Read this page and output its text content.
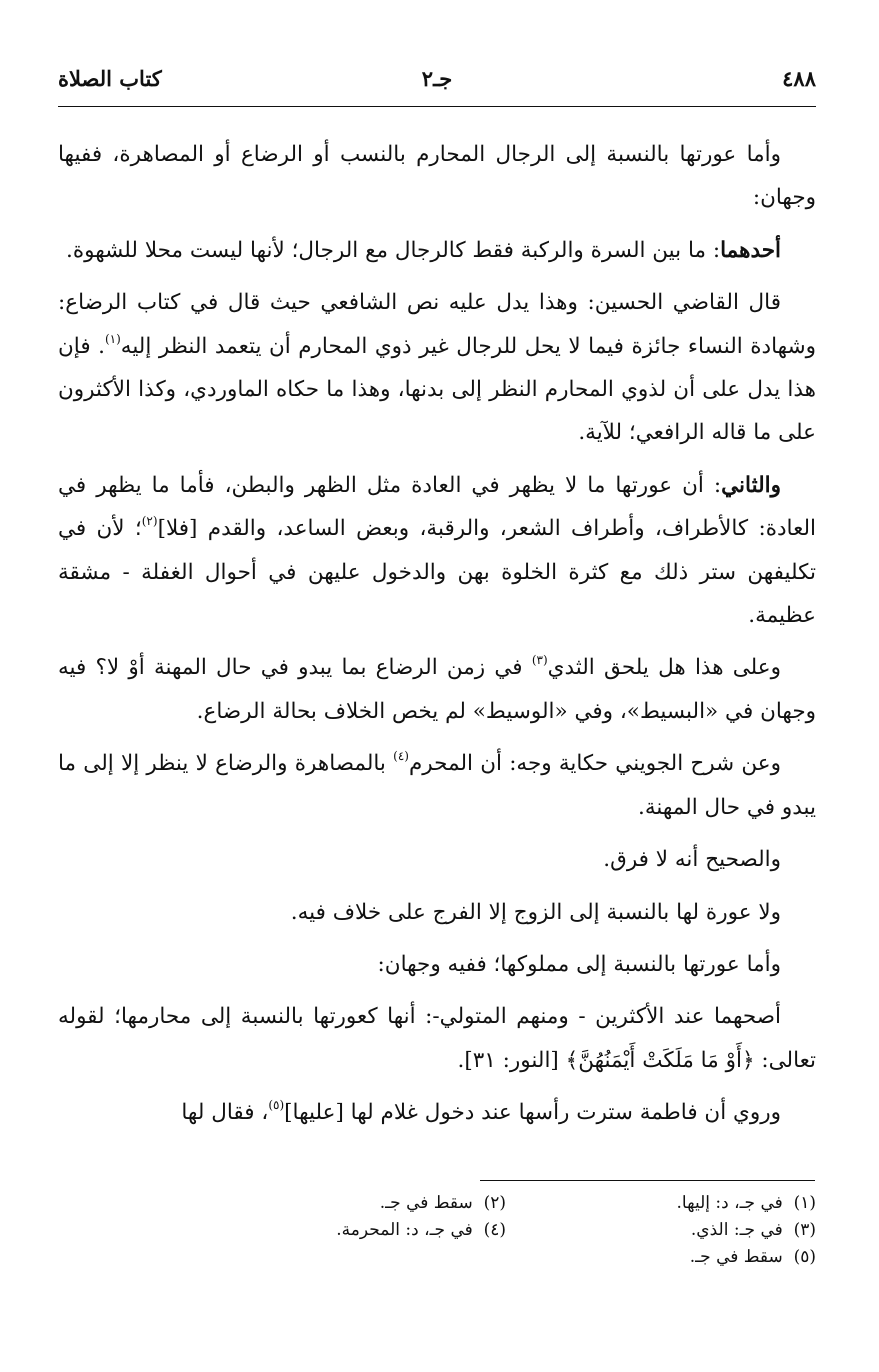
٤٨٨
جـ٢
كتاب الصلاة

وأما عورتها بالنسبة إلى الرجال المحارم بالنسب أو الرضاع أو المصاهرة، ففيها وجهان:

أحدهما: ما بين السرة والركبة فقط كالرجال مع الرجال؛ لأنها ليست محلا للشهوة.

قال القاضي الحسين: وهذا يدل عليه نص الشافعي حيث قال في كتاب الرضاع: وشهادة النساء جائزة فيما لا يحل للرجال غير ذوي المحارم أن يتعمد النظر إليه$^{(١)}$. فإن هذا يدل على أن لذوي المحارم النظر إلى بدنها، وهذا ما حكاه الماوردي، وكذا الأكثرون على ما قاله الرافعي؛ للآية.

والثاني: أن عورتها ما لا يظهر في العادة مثل الظهر والبطن، فأما ما يظهر في العادة: كالأطراف، وأطراف الشعر، والرقبة، وبعض الساعد، والقدم [فلا]$^{(٢)}$؛ لأن في تكليفهن ستر ذلك مع كثرة الخلوة بهن والدخول عليهن في أحوال الغفلة - مشقة عظيمة.

وعلى هذا هل يلحق الثدي$^{(٣)}$ في زمن الرضاع بما يبدو في حال المهنة أوْ لا؟ فيه وجهان في «البسيط»، وفي «الوسيط» لم يخص الخلاف بحالة الرضاع.

وعن شرح الجويني حكاية وجه: أن المحرم$^{(٤)}$ بالمصاهرة والرضاع لا ينظر إلا إلى ما يبدو في حال المهنة.

والصحيح أنه لا فرق.

ولا عورة لها بالنسبة إلى الزوج إلا الفرج على خلاف فيه.

وأما عورتها بالنسبة إلى مملوكها؛ ففيه وجهان:

أصحهما عند الأكثرين - ومنهم المتولي-: أنها كعورتها بالنسبة إلى محارمها؛ لقوله تعالى: ﴿أَوْ مَا مَلَكَتْ أَيْمَنُهُنَّ﴾ [النور: ٣١].

وروي أن فاطمة سترت رأسها عند دخول غلام لها [عليها]$^{(٥)}$، فقال لها

(١)  في جـ، د: إليها.
(٢)  سقط في جـ.
(٣)  في جـ: الذي.
(٤)  في جـ، د: المحرمة.
(٥)  سقط في جـ.
